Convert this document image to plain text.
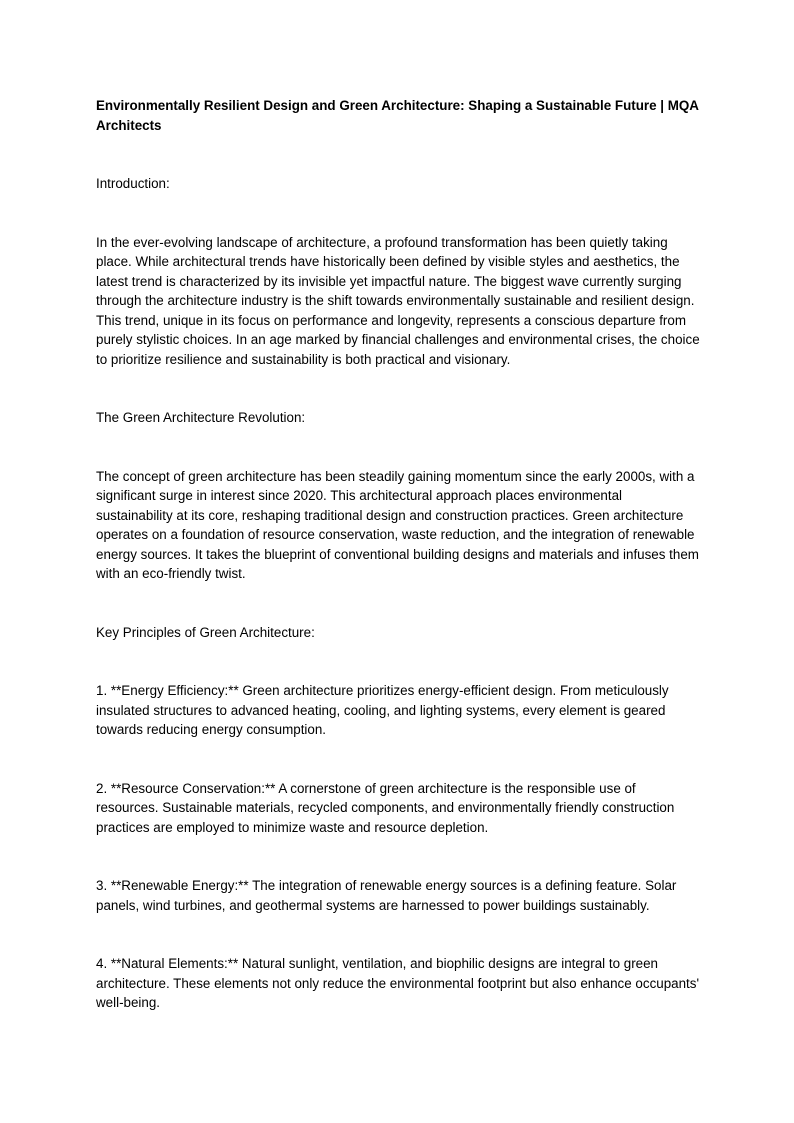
Environmentally Resilient Design and Green Architecture: Shaping a Sustainable Future | MQA Architects

Introduction:

In the ever-evolving landscape of architecture, a profound transformation has been quietly taking place. While architectural trends have historically been defined by visible styles and aesthetics, the latest trend is characterized by its invisible yet impactful nature. The biggest wave currently surging through the architecture industry is the shift towards environmentally sustainable and resilient design. This trend, unique in its focus on performance and longevity, represents a conscious departure from purely stylistic choices. In an age marked by financial challenges and environmental crises, the choice to prioritize resilience and sustainability is both practical and visionary.

The Green Architecture Revolution:

The concept of green architecture has been steadily gaining momentum since the early 2000s, with a significant surge in interest since 2020. This architectural approach places environmental sustainability at its core, reshaping traditional design and construction practices. Green architecture operates on a foundation of resource conservation, waste reduction, and the integration of renewable energy sources. It takes the blueprint of conventional building designs and materials and infuses them with an eco-friendly twist.

Key Principles of Green Architecture:

1. **Energy Efficiency:** Green architecture prioritizes energy-efficient design. From meticulously insulated structures to advanced heating, cooling, and lighting systems, every element is geared towards reducing energy consumption.

2. **Resource Conservation:** A cornerstone of green architecture is the responsible use of resources. Sustainable materials, recycled components, and environmentally friendly construction practices are employed to minimize waste and resource depletion.

3. **Renewable Energy:** The integration of renewable energy sources is a defining feature. Solar panels, wind turbines, and geothermal systems are harnessed to power buildings sustainably.

4. **Natural Elements:** Natural sunlight, ventilation, and biophilic designs are integral to green architecture. These elements not only reduce the environmental footprint but also enhance occupants' well-being.
